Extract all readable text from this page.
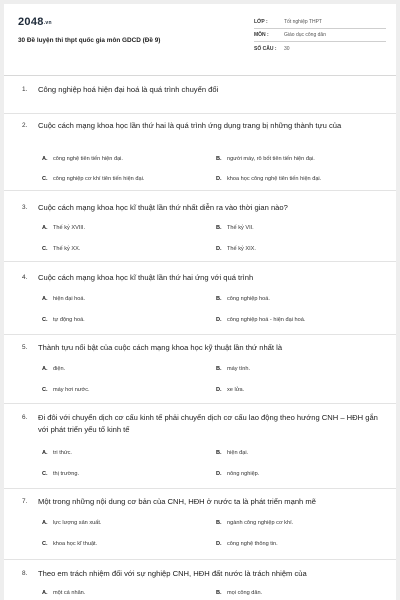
2048.vn
30 Đề luyện thi thpt quốc gia môn GDCD (Đề 9)
LỚP :	Tốt nghiệp THPT
MÔN :	Giáo dục công dân
SỐ CÂU :	30
1. Công nghiệp hoá hiện đại hoá là quá trình chuyển đổi
2. Cuộc cách mạng khoa học lần thứ hai là quá trình ứng dụng trang bị những thành tựu của
A. công nghệ tiên tiến hiện đại.	B. người máy, rô bốt tiên tiến hiện đại.
C. công nghiệp cơ khí tiên tiến hiện đại.	D. khoa học công nghệ tiên tiến hiện đại.
3. Cuộc cách mạng khoa học kĩ thuật lần thứ nhất diễn ra vào thời gian nào?
A. Thế kỷ XVIII.	B. Thế kỷ VII.
C. Thế kỷ XX.	D. Thế kỷ XIX.
4. Cuộc cách mạng khoa học kĩ thuật lần thứ hai ứng với quá trình
A. hiện đại hoá.	B. công nghiệp hoá.
C. tự động hoá.	D. công nghiệp hoá - hiện đại hoá.
5. Thành tựu nổi bật của cuộc cách mạng khoa học kỹ thuật lần thứ nhất là
A. điện.	B. máy tính.
C. máy hơi nước.	D. xe lửa.
6. Đi đôi với chuyển dịch cơ cấu kinh tế phải chuyển dịch cơ cấu lao động theo hướng CNH – HĐH gắn với phát triển yếu tố kinh tế
A. tri thức.	B. hiện đại.
C. thị trường.	D. nông nghiệp.
7. Một trong những nội dung cơ bản của CNH, HĐH ở nước ta là phát triển mạnh mẽ
A. lực lượng sản xuất.	B. ngành công nghiệp cơ khí.
C. khoa học kĩ thuật.	D. công nghệ thông tin.
8. Theo em trách nhiệm đối với sự nghiệp CNH, HĐH đất nước là trách nhiệm của
A. một cá nhân.	B. mọi công dân.
